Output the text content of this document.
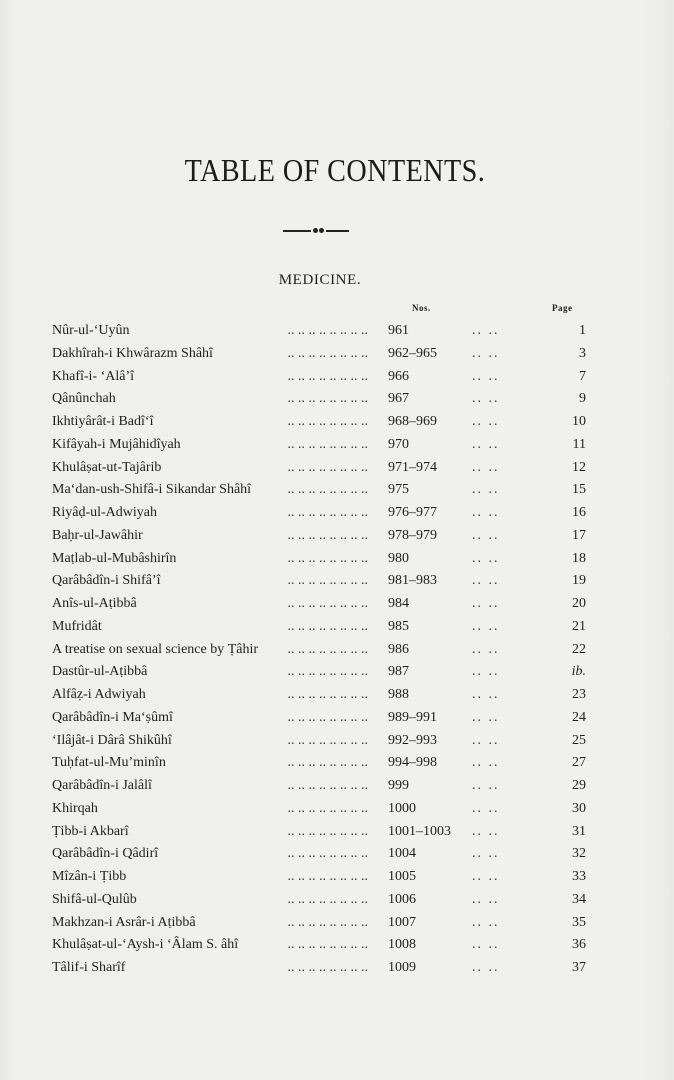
TABLE OF CONTENTS.
MEDICINE.
Nos.	Page
Nûr-ul-‘Uyûn	961	.. ..	1
.. .. .. .. .. .. .. ..
Dakhîrah-i Khwârazm Shâhî	962–965	.. ..	3
.. .. .. .. .. .. .. ..
Khafî-i- ‘Alâ’î	966	.. ..	7
.. .. .. .. .. .. .. ..
Qânûnchah	967	.. ..	9
.. .. .. .. .. .. .. ..
Ikhtiyârât-i Badî‘î	968–969	.. ..	10
.. .. .. .. .. .. .. ..
Kifâyah-i Mujâhidîyah	970	.. ..	11
.. .. .. .. .. .. .. ..
Khulâṣat-ut-Tajârib	971–974	.. ..	12
.. .. .. .. .. .. .. ..
Ma‘dan-ush-Shifâ-i Sikandar Shâhî	975	.. ..	15
.. .. .. .. .. .. .. ..
Riyâḍ-ul-Adwiyah	976–977	.. ..	16
.. .. .. .. .. .. .. ..
Baḥr-ul-Jawâhir	978–979	.. ..	17
.. .. .. .. .. .. .. ..
Maṭlab-ul-Mubâshirîn	980	.. ..	18
.. .. .. .. .. .. .. ..
Qarâbâdîn-i Shifâ’î	981–983	.. ..	19
.. .. .. .. .. .. .. ..
Anîs-ul-Aṭibbâ	984	.. ..	20
.. .. .. .. .. .. .. ..
Mufridât	985	.. ..	21
.. .. .. .. .. .. .. ..
A treatise on sexual science by Ṭâhir	986	.. ..	22
.. .. .. .. .. .. .. ..
Dastûr-ul-Aṭibbâ	987	.. ..	ib.
.. .. .. .. .. .. .. ..
Alfâẓ-i Adwiyah	988	.. ..	23
.. .. .. .. .. .. .. ..
Qarâbâdîn-i Ma‘ṣûmî	989–991	.. ..	24
.. .. .. .. .. .. .. ..
‘Ilâjât-i Dârâ Shikûhî	992–993	.. ..	25
.. .. .. .. .. .. .. ..
Tuḥfat-ul-Mu’minîn	994–998	.. ..	27
.. .. .. .. .. .. .. ..
Qarâbâdîn-i Jalâlî	999	.. ..	29
.. .. .. .. .. .. .. ..
Khirqah	1000	.. ..	30
.. .. .. .. .. .. .. ..
Ṭibb-i Akbarî	1001–1003 .. ..	31
.. .. .. .. .. .. .. ..
Qarâbâdîn-i Qâdirî	1004	.. ..	32
.. .. .. .. .. .. .. ..
Mîzân-i Ṭibb	1005	.. ..	33
.. .. .. .. .. .. .. ..
Shifâ-ul-Qulûb	1006	.. ..	34
.. .. .. .. .. .. .. ..
Makhzan-i Asrâr-i Aṭibbâ	1007	.. ..	35
.. .. .. .. .. .. .. ..
Khulâṣat-ul-‘Aysh-i ‘Âlam S. âhî	1008	.. ..	36
.. .. .. .. .. .. .. ..
Tâlif-i Sharîf	1009	.. ..	37
.. .. .. .. .. .. .. ..
